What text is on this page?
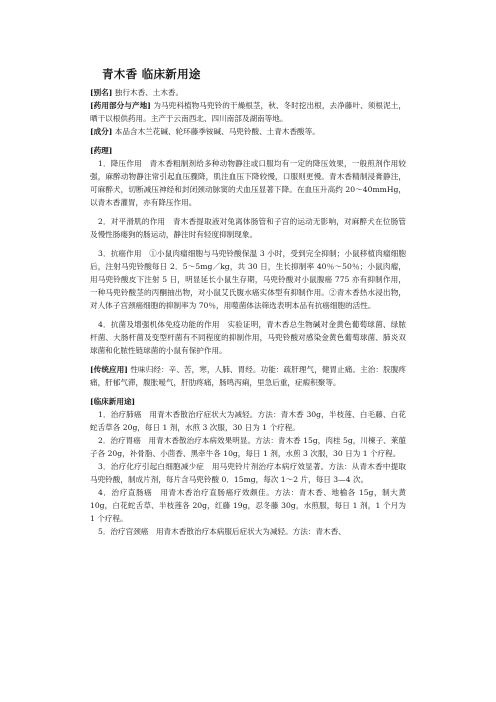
青木香 临床新用途

[别名] 独行木香、土木香。

[药用部分与产地] 为马兜科植物马兜铃的干燥根茎，秋、冬时挖出根，去净藤叶、须根泥土，晒干以根供药用。主产于云南西北、四川南部及湖南等地。

[成分] 本品含木兰花碱、轮环藤季铵碱、马兜铃酸、土青木香酸等。

[药理]

1．降压作用　青木香粗制剂给多种动物静注或口服均有一定的降压效果，一般煎剂作用较强，麻醉动物静注常引起血压骤降，肌注血压下降较慢，口服则更慢。青木香精制浸膏静注，可麻醉犬，切断减压神经和封闭颈动脉窦的犬血压显著下降。在血压升高约 20～40mmHg，以青木香灌胃，亦有降压作用。

2．对平滑肌的作用　青木香提取液对兔离体肠管和子宫的运动无影响，对麻醉犬在位肠管及慢性肠瘘狗的肠运动，静注时有轻度抑制现象。

3．抗癌作用　①小鼠肉瘤细胞与马兜铃酸保温 3 小时，受到完全抑制；小鼠移植肉瘤细胞后，注射马兜铃酸每日 2．5～5mg／kg，共 30 日，生长抑制率 40％～50％；小鼠肉瘤，用马兜铃酸皮下注射 5 日，明显延长小鼠生存期，马兜铃酸对小鼠腹癌 775 亦有抑制作用，一种马兜铃酸茎的丙酮抽出物，对小鼠艾氏腹水癌实体型有抑制作用。②青木香热水浸出物，对人体子宫颈癌细胞的抑制率为 70％，用噬菌体法筛选表明本品有抗癌细胞的活性。

4．抗菌及增强机体免疫功能的作用　实验证明，青木香总生物碱对金黄色葡萄球菌、绿脓杆菌、大肠杆菌及变型杆菌有不同程度的抑制作用，马兜铃酸对感染金黄色葡萄球菌、肺炎双球菌和化脓性链球菌的小鼠有保护作用。

[传统应用] 性味归经：辛、苦，寒，人肺、胃经。功能：疏肝理气，健胃止痛。主治：脘腹疼痛，肝郁气滞，腹胀嗳气，肝肋疼痛，肠鸣泻痢，里急后重，症瘕积聚等。

[临床新用途]

1．治疗肺癌　用青木香散治疗症状大为减轻。方法：青木香 30g，半枝莲、白毛藤、白花蛇舌草各 20g，每日 1 剂，水煎 3 次服，30 日为 1 个疗程。

2．治疗胃癌　用青木香散治疗本病效果明显。方法：青木香 15g，肉桂 5g，川楝子、莱菔子各 20g，补骨脂、小茴香、黑牵牛各 10g，每日 1 剂，水煎 3 次服，30 日为 1 个疗程。

3．治疗化疗引起白细胞减少症　用马兜铃片剂治疗本病疗效显著。方法：从青木香中提取马兜铃酸，制成片剂，每片含马兜铃酸 0．15mg，每次 1～2 片，每日 3—4 次。

4．治疗直肠癌　用青木香治疗直肠癌疗效颇佳。方法：青木香、地榆各 15g，制大黄 10g，白花蛇舌草、半枝莲各 20g，红藤 19g，忍冬藤 30g，水煎服，每日 1 剂，1 个月为 1 个疗程。

5．治疗宫颈癌　用青木香散治疗本病服后症状大为减轻。方法：青木香、
